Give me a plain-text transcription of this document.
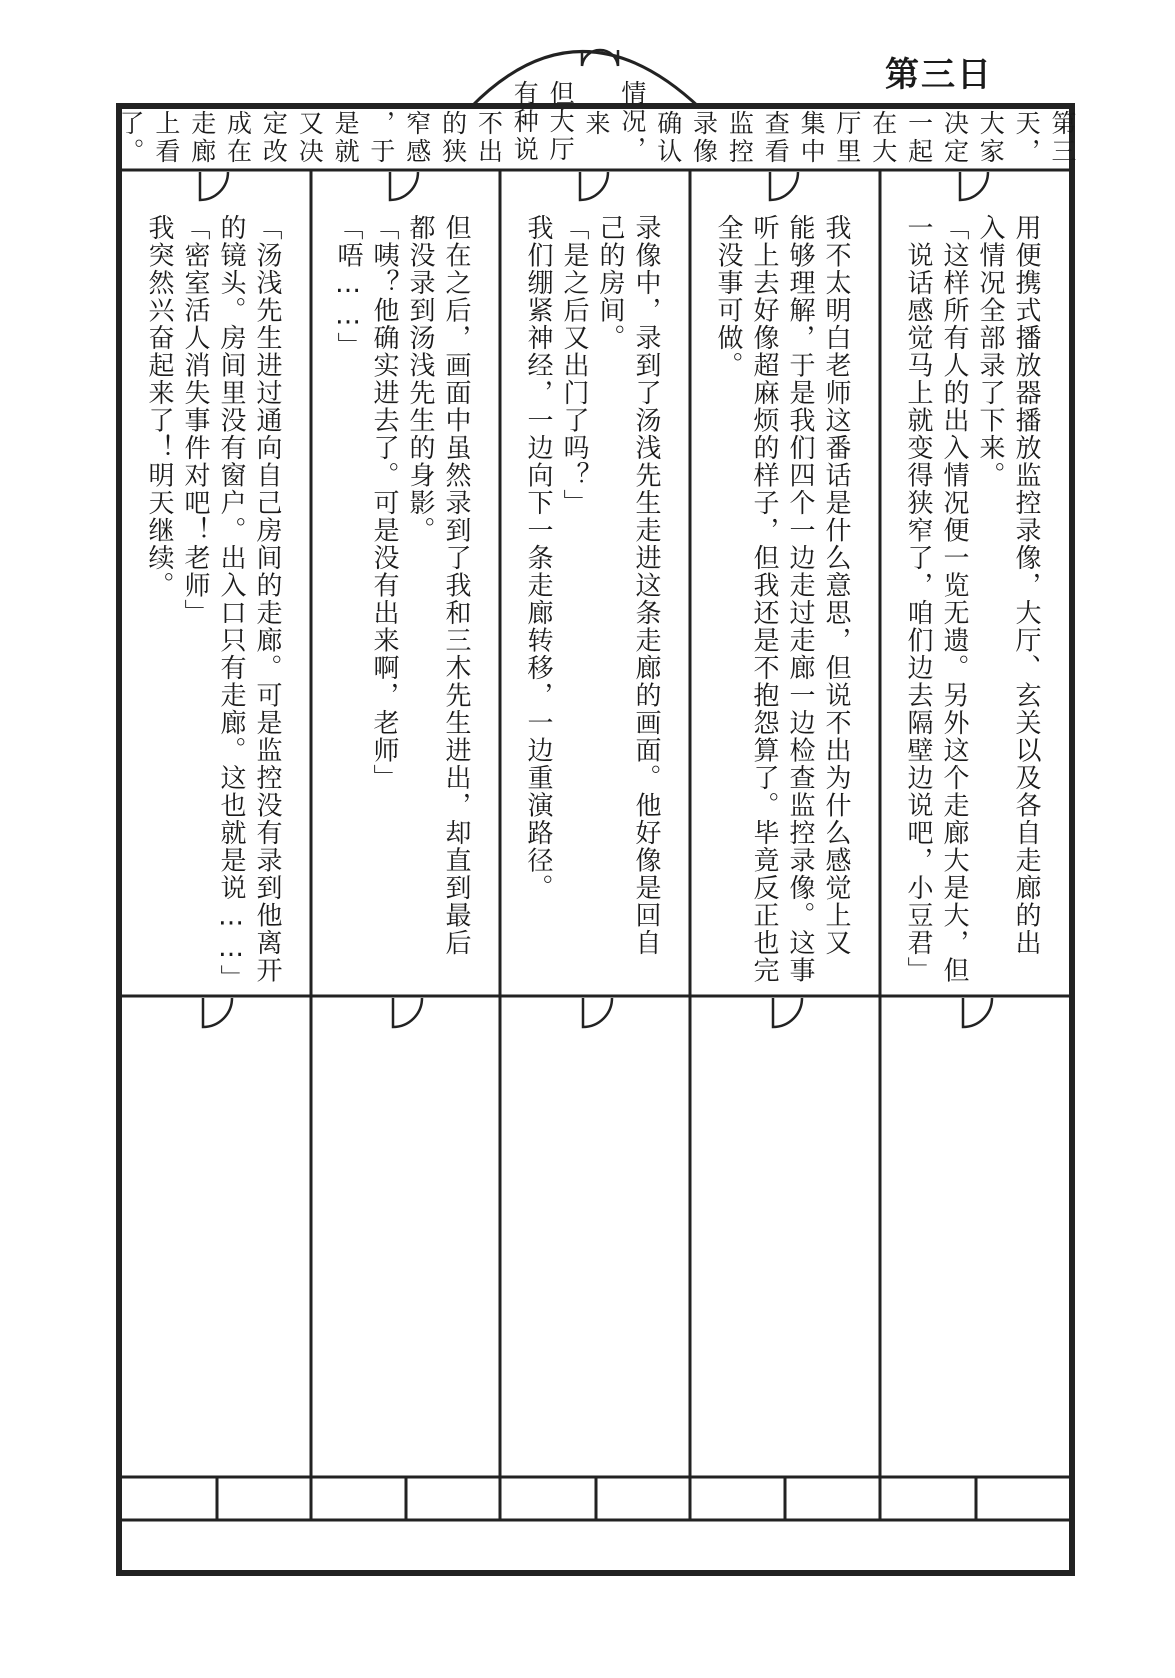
第三日
第三
天，
大家
决定
一起
在大
厅里
集中
查看
监控
录像
确认
情况，
来
但大厅
有种说
不出
的狭
窄感
，于
是就
又决
定改
成在
走廊
上看
了。
用便携式播放器播放监控录像，大厅、玄关以及各自走廊的出
入情况全部录了下来。
「这样所有人的出入情况便一览无遗。另外这个走廊大是大，但
一说话感觉马上就变得狭窄了，咱们边去隔壁边说吧，小豆君」
我不太明白老师这番话是什么意思，但说不出为什么感觉上又
能够理解，于是我们四个一边走过走廊一边检查监控录像。这事
听上去好像超麻烦的样子，但我还是不抱怨算了。毕竟反正也完
全没事可做。
录像中，录到了汤浅先生走进这条走廊的画面。他好像是回自
己的房间。
「是之后又出门了吗？」
我们绷紧神经，一边向下一条走廊转移，一边重演路径。
但在之后，画面中虽然录到了我和三木先生进出，却直到最后
都没录到汤浅先生的身影。
「咦？他确实进去了。可是没有出来啊，老师」
「唔……」
「汤浅先生进过通向自己房间的走廊。可是监控没有录到他离开
的镜头。房间里没有窗户。出入口只有走廊。这也就是说……」
「密室活人消失事件对吧！老师」
我突然兴奋起来了！明天继续。
